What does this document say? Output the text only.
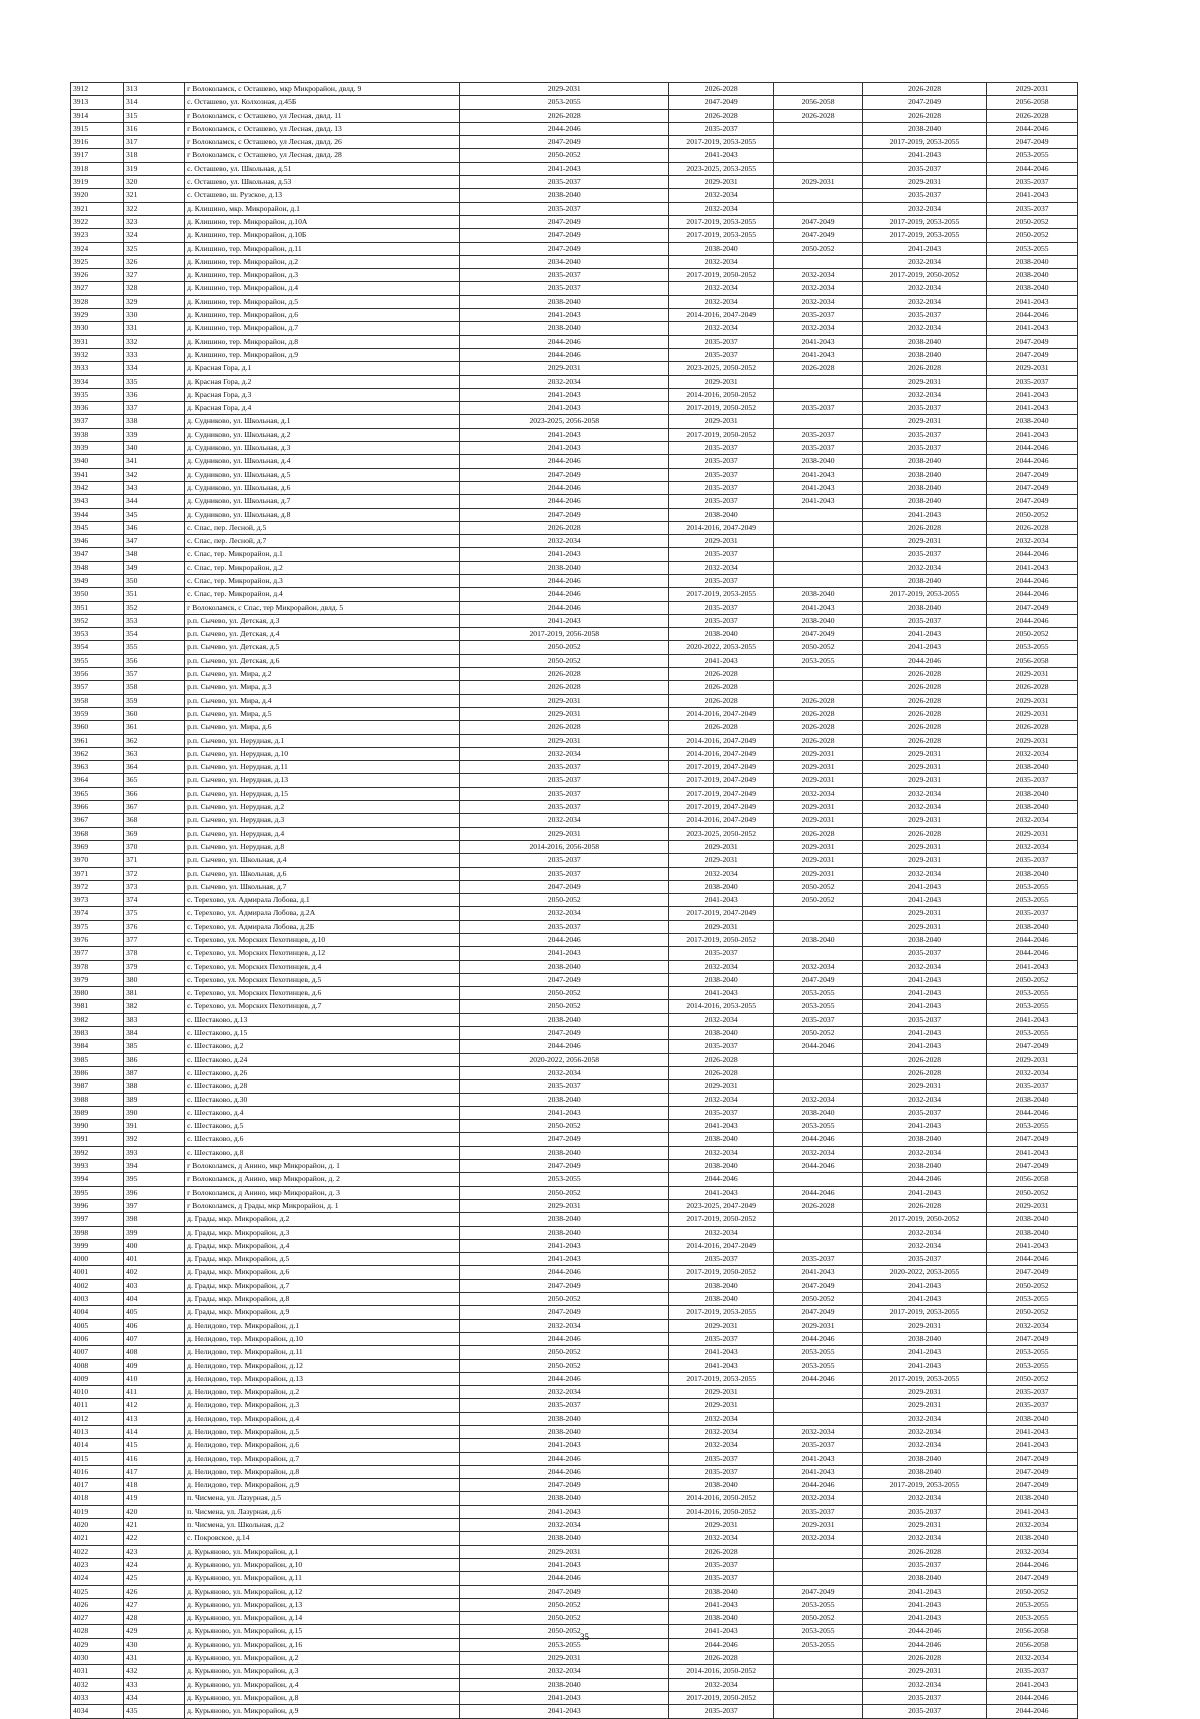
3912	313	г Волоколамск, с Осташево, мкр Микрорайон, двлд. 9	2029-2031	2026-2028		2026-2028	2029-2031
3913	314	с. Осташево, ул. Колхозная, д.45Б	2053-2055	2047-2049	2056-2058	2047-2049	2056-2058
3914	315	г Волоколамск, с Осташево, ул Лесная, двлд. 11	2026-2028	2026-2028	2026-2028	2026-2028	2026-2028
3915	316	г Волоколамск, с Осташево, ул Лесная, двлд. 13	2044-2046	2035-2037		2038-2040	2044-2046
3916	317	г Волоколамск, с Осташево, ул Лесная, двлд. 26	2047-2049	2017-2019, 2053-2055		2017-2019, 2053-2055	2047-2049
3917	318	г Волоколамск, с Осташево, ул Лесная, двлд. 28	2050-2052	2041-2043		2041-2043	2053-2055
3918	319	с. Осташево, ул. Школьная, д.51	2041-2043	2023-2025, 2053-2055		2035-2037	2044-2046
3919	320	с. Осташево, ул. Школьная, д.53	2035-2037	2029-2031	2029-2031	2029-2031	2035-2037
3920	321	с. Осташево, ш. Рузское, д.13	2038-2040	2032-2034		2035-2037	2041-2043
3921	322	д. Клишино, мкр. Микрорайон, д.1	2035-2037	2032-2034		2032-2034	2035-2037
3922	323	д. Клишино, тер. Микрорайон, д.10А	2047-2049	2017-2019, 2053-2055	2047-2049	2017-2019, 2053-2055	2050-2052
3923	324	д. Клишино, тер. Микрорайон, д.10Б	2047-2049	2017-2019, 2053-2055	2047-2049	2017-2019, 2053-2055	2050-2052
3924	325	д. Клишино, тер. Микрорайон, д.11	2047-2049	2038-2040	2050-2052	2041-2043	2053-2055
3925	326	д. Клишино, тер. Микрорайон, д.2	2034-2040	2032-2034		2032-2034	2038-2040
3926	327	д. Клишино, тер. Микрорайон, д.3	2035-2037	2017-2019, 2050-2052	2032-2034	2017-2019, 2050-2052	2038-2040
3927	328	д. Клишино, тер. Микрорайон, д.4	2035-2037	2032-2034	2032-2034	2032-2034	2038-2040
3928	329	д. Клишино, тер. Микрорайон, д.5	2038-2040	2032-2034	2032-2034	2032-2034	2041-2043
3929	330	д. Клишино, тер. Микрорайон, д.6	2041-2043	2014-2016, 2047-2049	2035-2037	2035-2037	2044-2046
3930	331	д. Клишино, тер. Микрорайон, д.7	2038-2040	2032-2034	2032-2034	2032-2034	2041-2043
3931	332	д. Клишино, тер. Микрорайон, д.8	2044-2046	2035-2037	2041-2043	2038-2040	2047-2049
3932	333	д. Клишино, тер. Микрорайон, д.9	2044-2046	2035-2037	2041-2043	2038-2040	2047-2049
3933	334	д. Красная Гора, д.1	2029-2031	2023-2025, 2050-2052	2026-2028	2026-2028	2029-2031
3934	335	д. Красная Гора, д.2	2032-2034	2029-2031		2029-2031	2035-2037
3935	336	д. Красная Гора, д.3	2041-2043	2014-2016, 2050-2052		2032-2034	2041-2043
3936	337	д. Красная Гора, д.4	2041-2043	2017-2019, 2050-2052	2035-2037	2035-2037	2041-2043
3937	338	д. Судниково, ул. Школьная, д.1	2023-2025, 2056-2058	2029-2031		2029-2031	2038-2040
3938	339	д. Судниково, ул. Школьная, д.2	2041-2043	2017-2019, 2050-2052	2035-2037	2035-2037	2041-2043
3939	340	д. Судниково, ул. Школьная, д.3	2041-2043	2035-2037	2035-2037	2035-2037	2044-2046
3940	341	д. Судниково, ул. Школьная, д.4	2044-2046	2035-2037	2038-2040	2038-2040	2044-2046
3941	342	д. Судниково, ул. Школьная, д.5	2047-2049	2035-2037	2041-2043	2038-2040	2047-2049
3942	343	д. Судниково, ул. Школьная, д.6	2044-2046	2035-2037	2041-2043	2038-2040	2047-2049
3943	344	д. Судниково, ул. Школьная, д.7	2044-2046	2035-2037	2041-2043	2038-2040	2047-2049
3944	345	д. Судниково, ул. Школьная, д.8	2047-2049	2038-2040		2041-2043	2050-2052
3945	346	с. Спас, пер. Лесной, д.5	2026-2028	2014-2016, 2047-2049		2026-2028	2026-2028
3946	347	с. Спас, пер. Лесной, д.7	2032-2034	2029-2031		2029-2031	2032-2034
3947	348	с. Спас, тер. Микрорайон, д.1	2041-2043	2035-2037		2035-2037	2044-2046
3948	349	с. Спас, тер. Микрорайон, д.2	2038-2040	2032-2034		2032-2034	2041-2043
3949	350	с. Спас, тер. Микрорайон, д.3	2044-2046	2035-2037		2038-2040	2044-2046
3950	351	с. Спас, тер. Микрорайон, д.4	2044-2046	2017-2019, 2053-2055	2038-2040	2017-2019, 2053-2055	2044-2046
3951	352	г Волоколамск, с Спас, тер Микрорайон, двлд. 5	2044-2046	2035-2037	2041-2043	2038-2040	2047-2049
3952	353	р.п. Сычево, ул. Детская, д.3	2041-2043	2035-2037	2038-2040	2035-2037	2044-2046
3953	354	р.п. Сычево, ул. Детская, д.4	2017-2019, 2056-2058	2038-2040	2047-2049	2041-2043	2050-2052
3954	355	р.п. Сычево, ул. Детская, д.5	2050-2052	2020-2022, 2053-2055	2050-2052	2041-2043	2053-2055
3955	356	р.п. Сычево, ул. Детская, д.6	2050-2052	2041-2043	2053-2055	2044-2046	2056-2058
3956	357	р.п. Сычево, ул. Мира, д.2	2026-2028	2026-2028		2026-2028	2029-2031
3957	358	р.п. Сычево, ул. Мира, д.3	2026-2028	2026-2028		2026-2028	2026-2028
3958	359	р.п. Сычево, ул. Мира, д.4	2029-2031	2026-2028	2026-2028	2026-2028	2029-2031
3959	360	р.п. Сычево, ул. Мира, д.5	2029-2031	2014-2016, 2047-2049	2026-2028	2026-2028	2029-2031
3960	361	р.п. Сычево, ул. Мира, д.6	2026-2028	2026-2028	2026-2028	2026-2028	2026-2028
3961	362	р.п. Сычево, ул. Нерудная, д.1	2029-2031	2014-2016, 2047-2049	2026-2028	2026-2028	2029-2031
3962	363	р.п. Сычево, ул. Нерудная, д.10	2032-2034	2014-2016, 2047-2049	2029-2031	2029-2031	2032-2034
3963	364	р.п. Сычево, ул. Нерудная, д.11	2035-2037	2017-2019, 2047-2049	2029-2031	2029-2031	2038-2040
3964	365	р.п. Сычево, ул. Нерудная, д.13	2035-2037	2017-2019, 2047-2049	2029-2031	2029-2031	2035-2037
3965	366	р.п. Сычево, ул. Нерудная, д.15	2035-2037	2017-2019, 2047-2049	2032-2034	2032-2034	2038-2040
3966	367	р.п. Сычево, ул. Нерудная, д.2	2035-2037	2017-2019, 2047-2049	2029-2031	2032-2034	2038-2040
3967	368	р.п. Сычево, ул. Нерудная, д.3	2032-2034	2014-2016, 2047-2049	2029-2031	2029-2031	2032-2034
3968	369	р.п. Сычево, ул. Нерудная, д.4	2029-2031	2023-2025, 2050-2052	2026-2028	2026-2028	2029-2031
3969	370	р.п. Сычево, ул. Нерудная, д.8	2014-2016, 2056-2058	2029-2031	2029-2031	2029-2031	2032-2034
3970	371	р.п. Сычево, ул. Школьная, д.4	2035-2037	2029-2031	2029-2031	2029-2031	2035-2037
3971	372	р.п. Сычево, ул. Школьная, д.6	2035-2037	2032-2034	2029-2031	2032-2034	2038-2040
3972	373	р.п. Сычево, ул. Школьная, д.7	2047-2049	2038-2040	2050-2052	2041-2043	2053-2055
3973	374	с. Терехово, ул. Адмирала Лобова, д.1	2050-2052	2041-2043	2050-2052	2041-2043	2053-2055
3974	375	с. Терехово, ул. Адмирала Лобова, д.2А	2032-2034	2017-2019, 2047-2049		2029-2031	2035-2037
3975	376	с. Терехово, ул. Адмирала Лобова, д.2Б	2035-2037	2029-2031		2029-2031	2038-2040
3976	377	с. Терехово, ул. Морских Пехотинцев, д.10	2044-2046	2017-2019, 2050-2052	2038-2040	2038-2040	2044-2046
3977	378	с. Терехово, ул. Морских Пехотинцев, д.12	2041-2043	2035-2037		2035-2037	2044-2046
3978	379	с. Терехово, ул. Морских Пехотинцев, д.4	2038-2040	2032-2034	2032-2034	2032-2034	2041-2043
3979	380	с. Терехово, ул. Морских Пехотинцев, д.5	2047-2049	2038-2040	2047-2049	2041-2043	2050-2052
3980	381	с. Терехово, ул. Морских Пехотинцев, д.6	2050-2052	2041-2043	2053-2055	2041-2043	2053-2055
3981	382	с. Терехово, ул. Морских Пехотинцев, д.7	2050-2052	2014-2016, 2053-2055	2053-2055	2041-2043	2053-2055
3982	383	с. Шестаково, д.13	2038-2040	2032-2034	2035-2037	2035-2037	2041-2043
3983	384	с. Шестаково, д.15	2047-2049	2038-2040	2050-2052	2041-2043	2053-2055
3984	385	с. Шестаково, д.2	2044-2046	2035-2037	2044-2046	2041-2043	2047-2049
3985	386	с. Шестаково, д.24	2020-2022, 2056-2058	2026-2028		2026-2028	2029-2031
3986	387	с. Шестаково, д.26	2032-2034	2026-2028		2026-2028	2032-2034
3987	388	с. Шестаково, д.28	2035-2037	2029-2031		2029-2031	2035-2037
3988	389	с. Шестаково, д.30	2038-2040	2032-2034	2032-2034	2032-2034	2038-2040
3989	390	с. Шестаково, д.4	2041-2043	2035-2037	2038-2040	2035-2037	2044-2046
3990	391	с. Шестаково, д.5	2050-2052	2041-2043	2053-2055	2041-2043	2053-2055
3991	392	с. Шестаково, д.6	2047-2049	2038-2040	2044-2046	2038-2040	2047-2049
3992	393	с. Шестаково, д.8	2038-2040	2032-2034	2032-2034	2032-2034	2041-2043
3993	394	г Волоколамск, д Анино, мкр Микрорайон, д. 1	2047-2049	2038-2040	2044-2046	2038-2040	2047-2049
3994	395	г Волоколамск, д Анино, мкр Микрорайон, д. 2	2053-2055	2044-2046		2044-2046	2056-2058
3995	396	г Волоколамск, д Анино, мкр Микрорайон, д. 3	2050-2052	2041-2043	2044-2046	2041-2043	2050-2052
3996	397	г Волоколамск, д Грады, мкр Микрорайон, д. 1	2029-2031	2023-2025, 2047-2049	2026-2028	2026-2028	2029-2031
3997	398	д. Грады, мкр. Микрорайон, д.2	2038-2040	2017-2019, 2050-2052		2017-2019, 2050-2052	2038-2040
3998	399	д. Грады, мкр. Микрорайон, д.3	2038-2040	2032-2034		2032-2034	2038-2040
3999	400	д. Грады, мкр. Микрорайон, д.4	2041-2043	2014-2016, 2047-2049		2032-2034	2041-2043
4000	401	д. Грады, мкр. Микрорайон, д.5	2041-2043	2035-2037	2035-2037	2035-2037	2044-2046
4001	402	д. Грады, мкр. Микрорайон, д.6	2044-2046	2017-2019, 2050-2052	2041-2043	2020-2022, 2053-2055	2047-2049
4002	403	д. Грады, мкр. Микрорайон, д.7	2047-2049	2038-2040	2047-2049	2041-2043	2050-2052
4003	404	д. Грады, мкр. Микрорайон, д.8	2050-2052	2038-2040	2050-2052	2041-2043	2053-2055
4004	405	д. Грады, мкр. Микрорайон, д.9	2047-2049	2017-2019, 2053-2055	2047-2049	2017-2019, 2053-2055	2050-2052
4005	406	д. Нелидово, тер. Микрорайон, д.1	2032-2034	2029-2031	2029-2031	2029-2031	2032-2034
4006	407	д. Нелидово, тер. Микрорайон, д.10	2044-2046	2035-2037	2044-2046	2038-2040	2047-2049
4007	408	д. Нелидово, тер. Микрорайон, д.11	2050-2052	2041-2043	2053-2055	2041-2043	2053-2055
4008	409	д. Нелидово, тер. Микрорайон, д.12	2050-2052	2041-2043	2053-2055	2041-2043	2053-2055
4009	410	д. Нелидово, тер. Микрорайон, д.13	2044-2046	2017-2019, 2053-2055	2044-2046	2017-2019, 2053-2055	2050-2052
4010	411	д. Нелидово, тер. Микрорайон, д.2	2032-2034	2029-2031		2029-2031	2035-2037
4011	412	д. Нелидово, тер. Микрорайон, д.3	2035-2037	2029-2031		2029-2031	2035-2037
4012	413	д. Нелидово, тер. Микрорайон, д.4	2038-2040	2032-2034		2032-2034	2038-2040
4013	414	д. Нелидово, тер. Микрорайон, д.5	2038-2040	2032-2034	2032-2034	2032-2034	2041-2043
4014	415	д. Нелидово, тер. Микрорайон, д.6	2041-2043	2032-2034	2035-2037	2032-2034	2041-2043
4015	416	д. Нелидово, тер. Микрорайон, д.7	2044-2046	2035-2037	2041-2043	2038-2040	2047-2049
4016	417	д. Нелидово, тер. Микрорайон, д.8	2044-2046	2035-2037	2041-2043	2038-2040	2047-2049
4017	418	д. Нелидово, тер. Микрорайон, д.9	2047-2049	2038-2040	2044-2046	2017-2019, 2053-2055	2047-2049
4018	419	п. Чисмена, ул. Лазурная, д.5	2038-2040	2014-2016, 2050-2052	2032-2034	2032-2034	2038-2040
4019	420	п. Чисмена, ул. Лазурная, д.6	2041-2043	2014-2016, 2050-2052	2035-2037	2035-2037	2041-2043
4020	421	п. Чисмена, ул. Школьная, д.2	2032-2034	2029-2031	2029-2031	2029-2031	2032-2034
4021	422	с. Покровское, д.14	2038-2040	2032-2034	2032-2034	2032-2034	2038-2040
4022	423	д. Курьяново, ул. Микрорайон, д.1	2029-2031	2026-2028		2026-2028	2032-2034
4023	424	д. Курьяново, ул. Микрорайон, д.10	2041-2043	2035-2037		2035-2037	2044-2046
4024	425	д. Курьяново, ул. Микрорайон, д.11	2044-2046	2035-2037		2038-2040	2047-2049
4025	426	д. Курьяново, ул. Микрорайон, д.12	2047-2049	2038-2040	2047-2049	2041-2043	2050-2052
4026	427	д. Курьяново, ул. Микрорайон, д.13	2050-2052	2041-2043	2053-2055	2041-2043	2053-2055
4027	428	д. Курьяново, ул. Микрорайон, д.14	2050-2052	2038-2040	2050-2052	2041-2043	2053-2055
4028	429	д. Курьяново, ул. Микрорайон, д.15	2050-2052	2041-2043	2053-2055	2044-2046	2056-2058
4029	430	д. Курьяново, ул. Микрорайон, д.16	2053-2055	2044-2046	2053-2055	2044-2046	2056-2058
4030	431	д. Курьяново, ул. Микрорайон, д.2	2029-2031	2026-2028		2026-2028	2032-2034
4031	432	д. Курьяново, ул. Микрорайон, д.3	2032-2034	2014-2016, 2050-2052		2029-2031	2035-2037
4032	433	д. Курьяново, ул. Микрорайон, д.4	2038-2040	2032-2034		2032-2034	2041-2043
4033	434	д. Курьяново, ул. Микрорайон, д.8	2041-2043	2017-2019, 2050-2052		2035-2037	2044-2046
4034	435	д. Курьяново, ул. Микрорайон, д.9	2041-2043	2035-2037		2035-2037	2044-2046
35
